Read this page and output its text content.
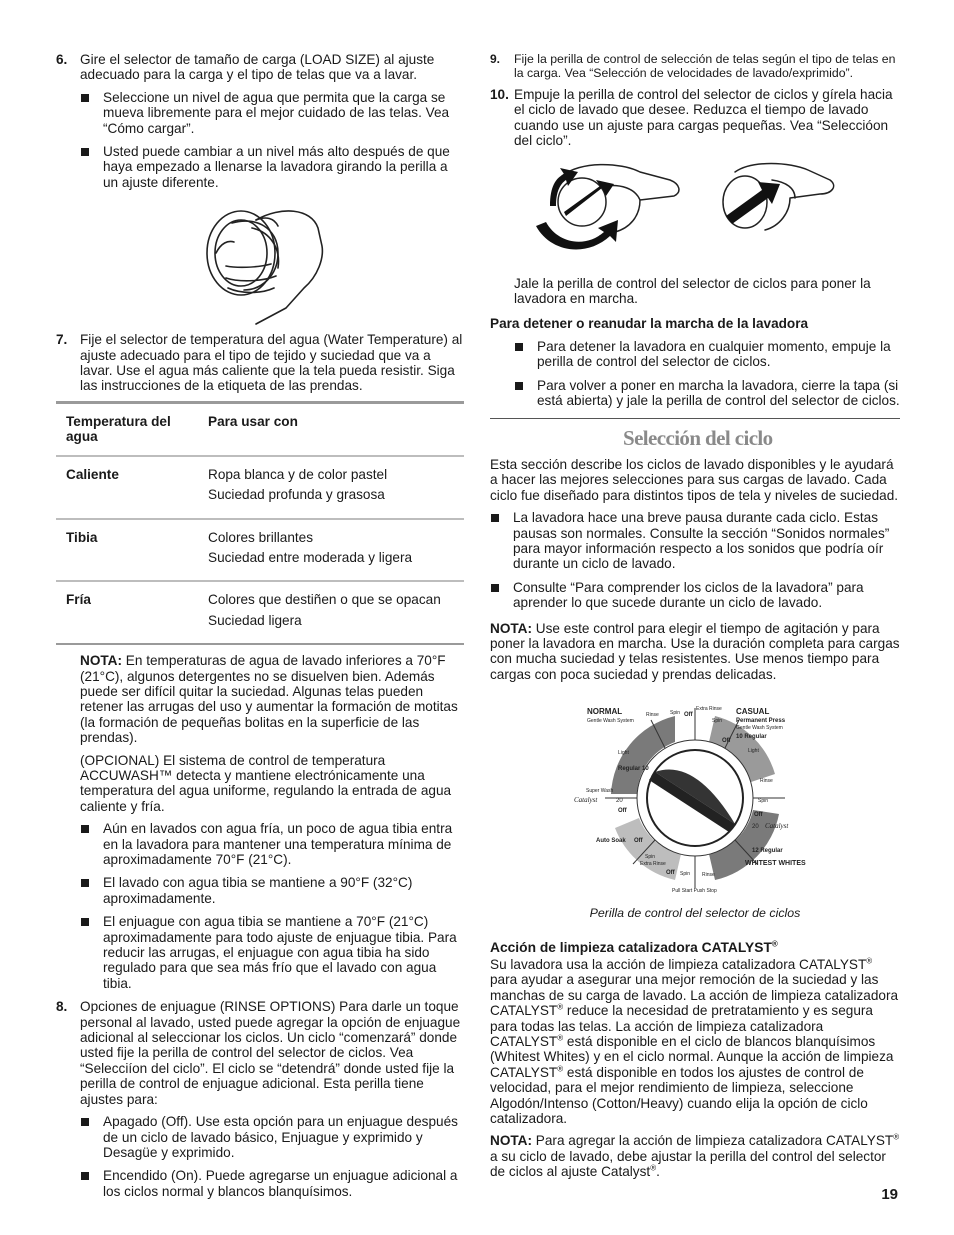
6. Gire el selector de tamaño de carga (LOAD SIZE) al ajuste adecuado para la carga y el tipo de telas que va a lavar.

Seleccione un nivel de agua que permita que la carga se mueva libremente para el mejor cuidado de las telas. Vea “Cómo cargar”.
Usted puede cambiar a un nivel más alto después de que haya empezado a llenarse la lavadora girando la perilla a un ajuste diferente.
7. Fije el selector de temperatura del agua (Water Temperature) al ajuste adecuado para el tipo de tejido y suciedad que va a lavar. Use el agua más caliente que la tela pueda resistir. Siga las instrucciones de la etiqueta de las prendas.

Temperatura del agua	Para usar con
Caliente	Ropa blanca y de color pastel
Suciedad profunda y grasosa

Tibia	Colores brillantes
Suciedad entre moderada y ligera

Fría	Colores que destiñen o que se opacan
Suciedad ligera

NOTA: En temperaturas de agua de lavado inferiores a 70°F (21°C), algunos detergentes no se disuelven bien. Además puede ser difícil quitar la suciedad. Algunas telas pueden retener las arrugas del uso y aumentar la formación de motitas (la formación de pequeñas bolitas en la superficie de las prendas).

(OPCIONAL) El sistema de control de temperatura ACCUWASH™ detecta y mantiene electrónicamente una temperatura del agua uniforme, regulando la entrada de agua caliente y fría.

Aún en lavados con agua fría, un poco de agua tibia entra en la lavadora para mantener una temperatura mínima de aproximadamente 70°F (21°C).
El lavado con agua tibia se mantiene a 90°F (32°C) aproximadamente.
El enjuague con agua tibia se mantiene a 70°F (21°C) aproximadamente para todo ajuste de enjuague tibia. Para reducir las arrugas, el enjuague con agua tibia ha sido regulado para que sea más frío que el lavado con agua tibia.
8. Opciones de enjuague (RINSE OPTIONS) Para darle un toque personal al lavado, usted puede agregar la opción de enjuague adicional al seleccionar los ciclos. Un ciclo “comenzará” donde usted fije la perilla de control del selector de ciclos. Vea “Selecciíon del ciclo”. El ciclo se “detendrá” donde usted fije la perilla de control de enjuague adicional. Esta perilla tiene ajustes para:

Apagado (Off). Use esta opción para un enjuague después de un ciclo de lavado básico, Enjuague y exprimido y Desagüe y exprimido.
Encendido (On). Puede agregarse un enjuague adicional a los ciclos normal y blancos blanquísimos.
9. Fije la perilla de control de selección de telas según el tipo de telas en la carga. Vea “Selección de velocidades de lavado/exprimido”.

10. Empuje la perilla de control del selector de ciclos y gírela hacia el ciclo de lavado que desee. Reduzca el tiempo de lavado cuando use un ajuste para cargas pequeñas. Vea “Seleccióon del ciclo”.

Jale la perilla de control del selector de ciclos para poner la lavadora en marcha.

Para detener o reanudar la marcha de la lavadora

Para detener la lavadora en cualquier momento, empuje la perilla de control del selector de ciclos.
Para volver a poner en marcha la lavadora, cierre la tapa (si está abierta) y jale la perilla de control del selector de ciclos.
Selección del ciclo

Esta sección describe los ciclos de lavado disponibles y le ayudará a hacer las mejores selecciones para sus cargas de lavado. Cada ciclo fue diseñado para distintos tipos de tela y niveles de suciedad.

La lavadora hace una breve pausa durante cada ciclo. Estas pausas son normales. Consulte la sección “Sonidos normales” para mayor información respecto a los sonidos que podría oír durante un ciclo de lavado.
Consulte “Para comprender los ciclos de la lavadora” para aprender lo que sucede durante un ciclo de lavado.

NOTA: Use este control para elegir el tiempo de agitación y para poner la lavadora en marcha. Use la duración completa para cargas con mucha suciedad y telas resistentes. Use menos tiempo para cargas con poca suciedad y prendas delicadas.

NORMAL
Gentle Wash System
CASUAL
Permanent Press
Gentle Wash System
Rinse Spin Off
Extra Rinse
Spin
10 Regular
Off
Light
Light
Regular 10
Rinse
Spin
Off
20 Catalyst
12 Regular
WHITEST WHITES
Super Wash
Catalyst	20
Off
Auto Soak Off
Spin
Extra Rinse
Off Spin Rinse
Pull Start Push Stop
Perilla de control del selector de ciclos
Acción de limpieza catalizadora CATALYST®

Su lavadora usa la acción de limpieza catalizadora CATALYST® para ayudar a asegurar una mejor remoción de la suciedad y las manchas de su carga de lavado. La acción de limpieza catalizadora CATALYST® reduce la necesidad de pretratamiento y es segura para todas las telas. La acción de limpieza catalizadora CATALYST® está disponible en el ciclo de blancos blanquísimos (Whitest Whites) y en el ciclo normal. Aunque la acción de limpieza CATALYST® está disponible en todos los ajustes de control de velocidad, para el mejor rendimiento de limpieza, seleccione Algodón/Intenso (Cotton/Heavy) cuando elija la opción de ciclo catalizadora.

NOTA: Para agregar la acción de limpieza catalizadora CATALYST® a su ciclo de lavado, debe ajustar la perilla del control del selector de ciclos al ajuste Catalyst®.

19
